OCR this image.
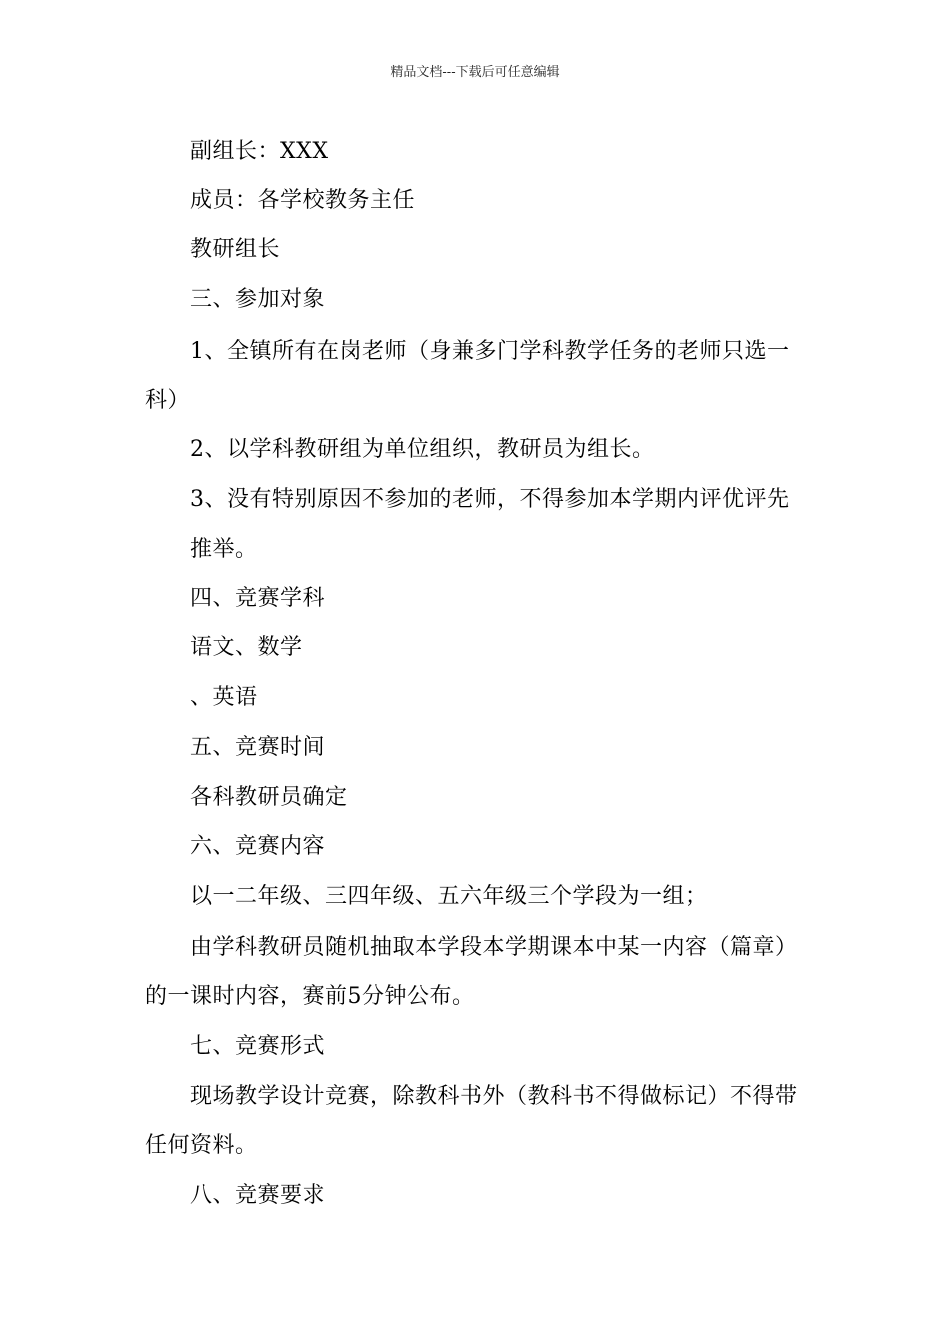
精品文档---下载后可任意编辑
副组长：XXX
成员：各学校教务主任
教研组长
三、参加对象
1、全镇所有在岗老师（身兼多门学科教学任务的老师只选一
科）
2、以学科教研组为单位组织，教研员为组长。
3、没有特别原因不参加的老师，不得参加本学期内评优评先
推举。
四、竞赛学科
语文、数学
、英语
五、竞赛时间
各科教研员确定
六、竞赛内容
以一二年级、三四年级、五六年级三个学段为一组；
由学科教研员随机抽取本学段本学期课本中某一内容（篇章）
的一课时内容，赛前5分钟公布。
七、竞赛形式
现场教学设计竞赛，除教科书外（教科书不得做标记）不得带
任何资料。
八、竞赛要求
